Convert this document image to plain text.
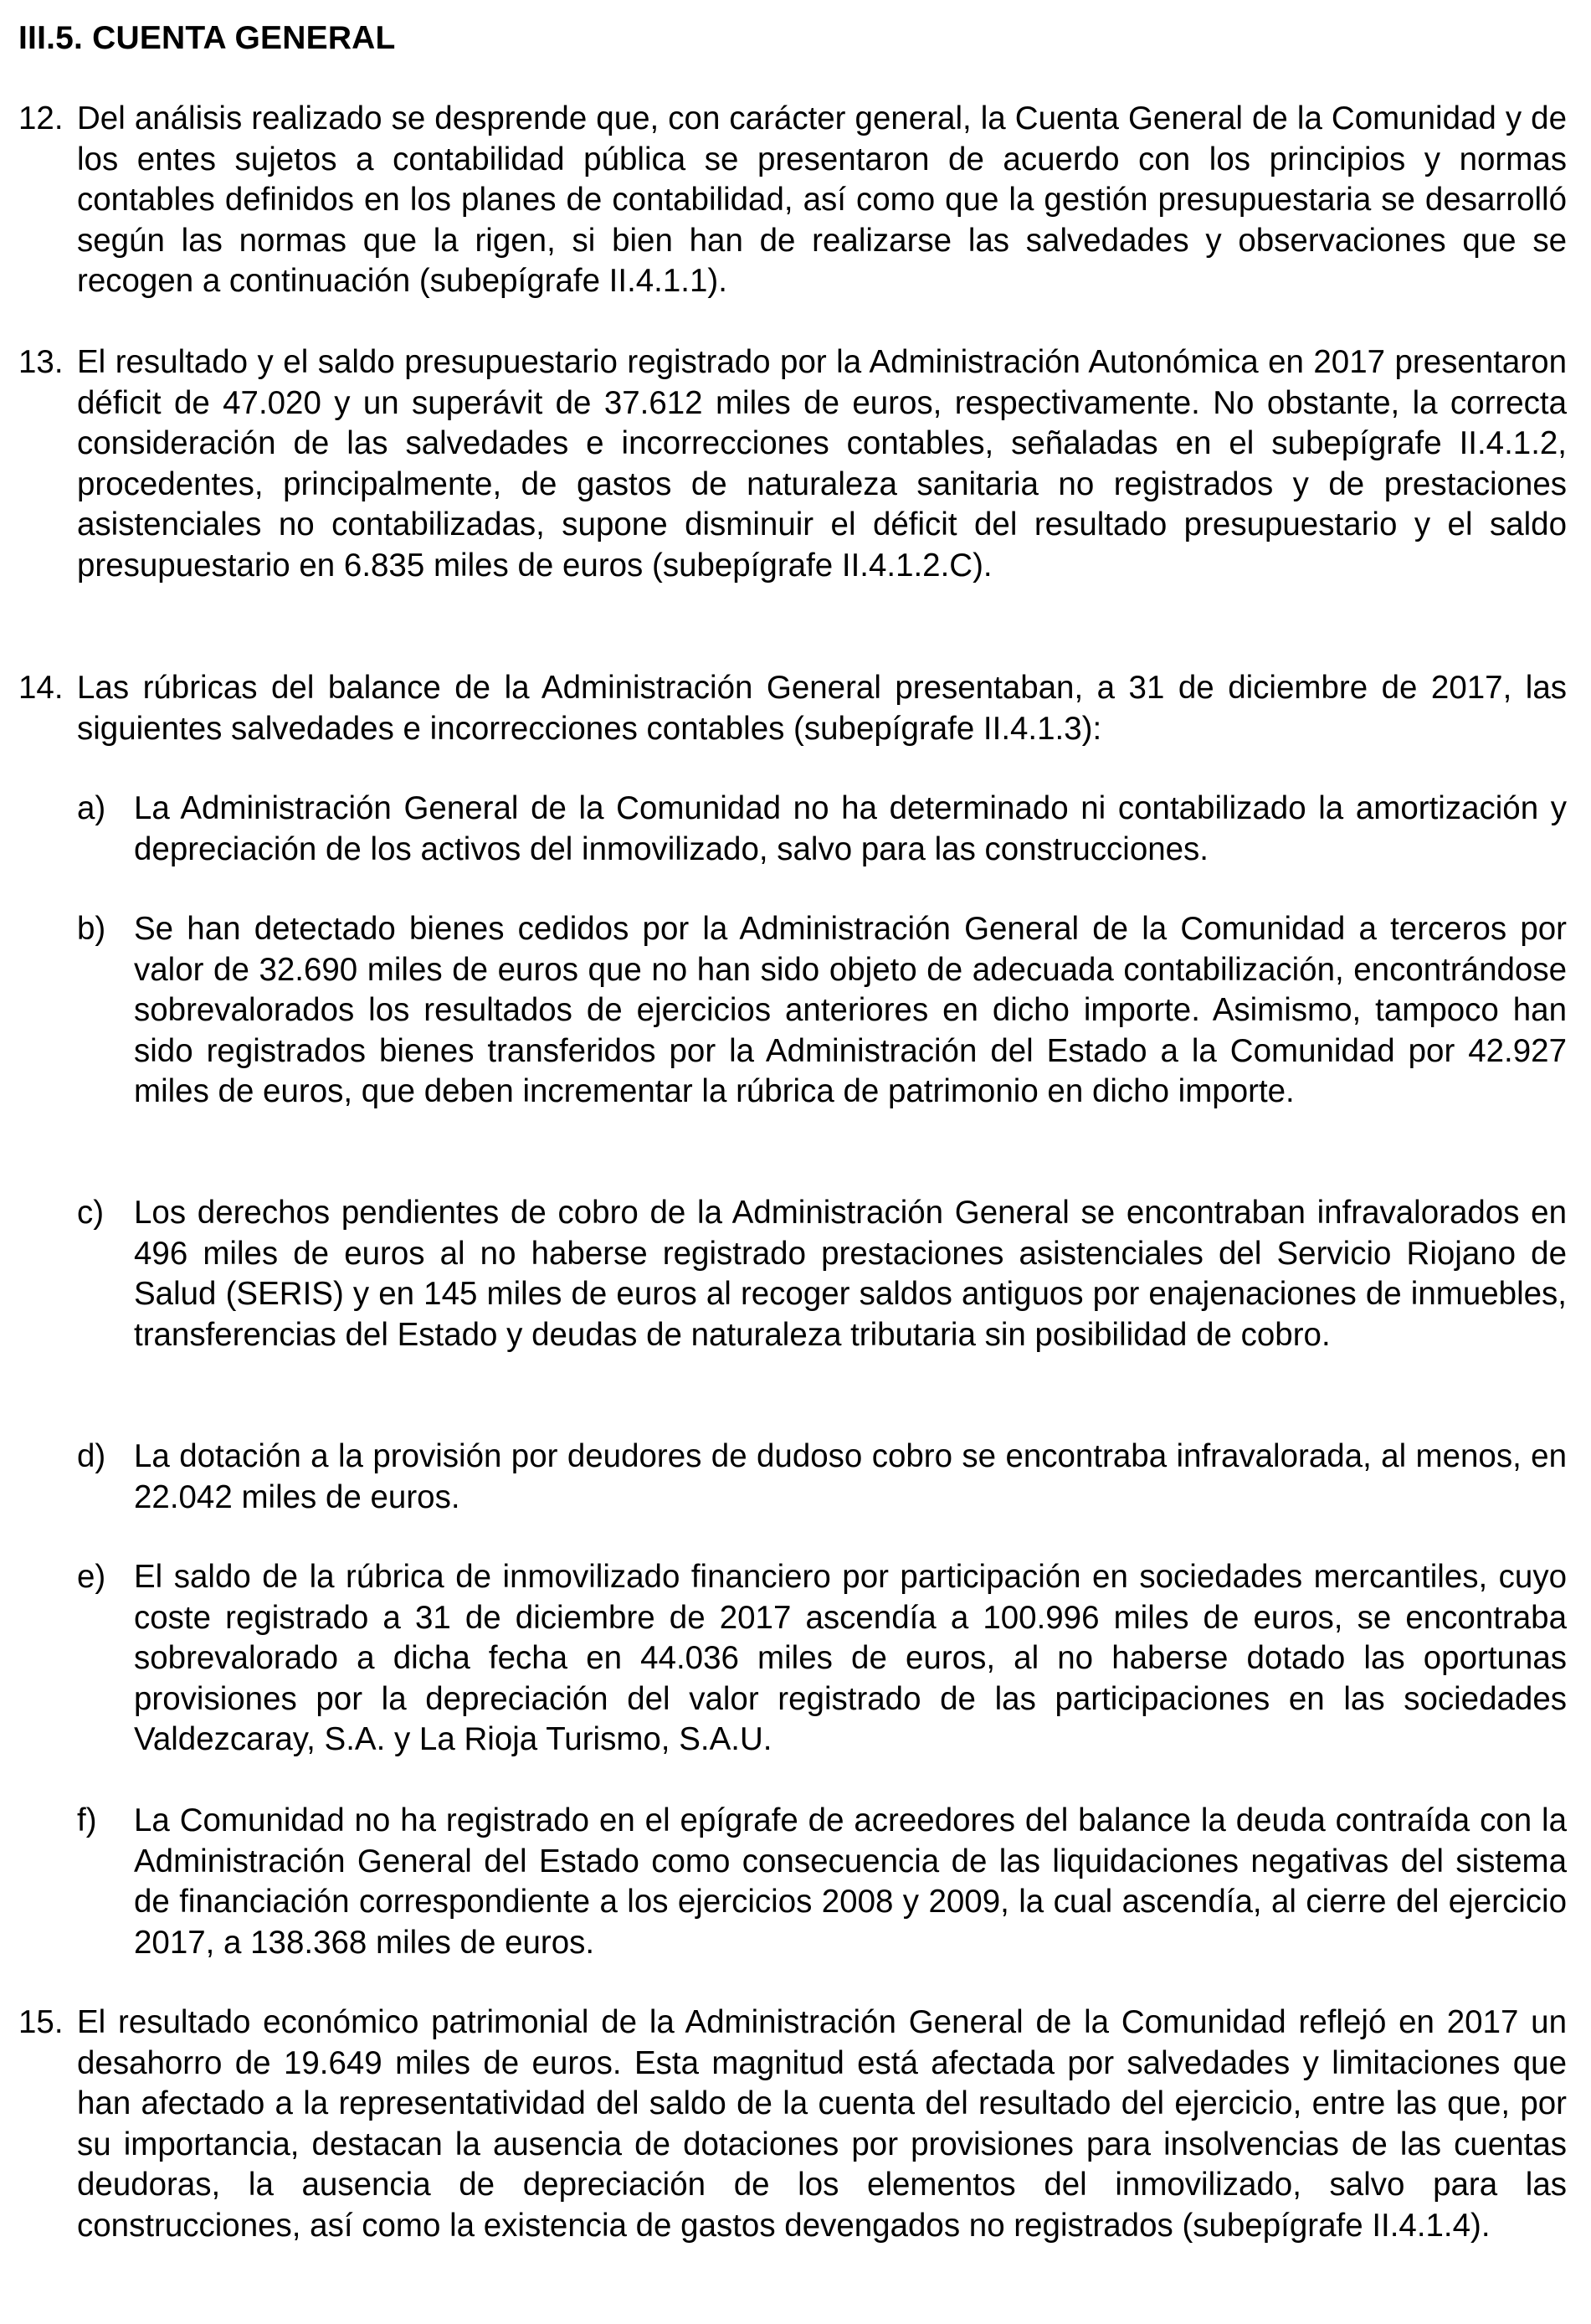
III.5. CUENTA GENERAL
12. Del análisis realizado se desprende que, con carácter general, la Cuenta General de la Comunidad y de los entes sujetos a contabilidad pública se presentaron de acuerdo con los principios y normas contables definidos en los planes de contabilidad, así como que la gestión presupuestaria se desarrolló según las normas que la rigen, si bien han de realizarse las salvedades y observaciones que se recogen a continuación (subepígrafe II.4.1.1).
13. El resultado y el saldo presupuestario registrado por la Administración Autonómica en 2017 presentaron déficit de 47.020 y un superávit de 37.612 miles de euros, respectivamente. No obstante, la correcta consideración de las salvedades e incorrecciones contables, señaladas en el subepígrafe II.4.1.2, procedentes, principalmente, de gastos de naturaleza sanitaria no registrados y de prestaciones asistenciales no contabilizadas, supone disminuir el déficit del resultado presupuestario y el saldo presupuestario en 6.835 miles de euros (subepígrafe II.4.1.2.C).
14. Las rúbricas del balance de la Administración General presentaban, a 31 de diciembre de 2017, las siguientes salvedades e incorrecciones contables (subepígrafe II.4.1.3):
a) La Administración General de la Comunidad no ha determinado ni contabilizado la amortización y depreciación de los activos del inmovilizado, salvo para las construcciones.
b) Se han detectado bienes cedidos por la Administración General de la Comunidad a terceros por valor de 32.690 miles de euros que no han sido objeto de adecuada contabilización, encontrándose sobrevalorados los resultados de ejercicios anteriores en dicho importe. Asimismo, tampoco han sido registrados bienes transferidos por la Administración del Estado a la Comunidad por 42.927 miles de euros, que deben incrementar la rúbrica de patrimonio en dicho importe.
c) Los derechos pendientes de cobro de la Administración General se encontraban infravalorados en 496 miles de euros al no haberse registrado prestaciones asistenciales del Servicio Riojano de Salud (SERIS) y en 145 miles de euros al recoger saldos antiguos por enajenaciones de inmuebles, transferencias del Estado y deudas de naturaleza tributaria sin posibilidad de cobro.
d) La dotación a la provisión por deudores de dudoso cobro se encontraba infravalorada, al menos, en 22.042 miles de euros.
e) El saldo de la rúbrica de inmovilizado financiero por participación en sociedades mercantiles, cuyo coste registrado a 31 de diciembre de 2017 ascendía a 100.996 miles de euros, se encontraba sobrevalorado a dicha fecha en 44.036 miles de euros, al no haberse dotado las oportunas provisiones por la depreciación del valor registrado de las participaciones en las sociedades Valdezcaray, S.A. y La Rioja Turismo, S.A.U.
f) La Comunidad no ha registrado en el epígrafe de acreedores del balance la deuda contraída con la Administración General del Estado como consecuencia de las liquidaciones negativas del sistema de financiación correspondiente a los ejercicios 2008 y 2009, la cual ascendía, al cierre del ejercicio 2017, a 138.368 miles de euros.
15. El resultado económico patrimonial de la Administración General de la Comunidad reflejó en 2017 un desahorro de 19.649 miles de euros. Esta magnitud está afectada por salvedades y limitaciones que han afectado a la representatividad del saldo de la cuenta del resultado del ejercicio, entre las que, por su importancia, destacan la ausencia de dotaciones por provisiones para insolvencias de las cuentas deudoras, la ausencia de depreciación de los elementos del inmovilizado, salvo para las construcciones, así como la existencia de gastos devengados no registrados (subepígrafe II.4.1.4).
